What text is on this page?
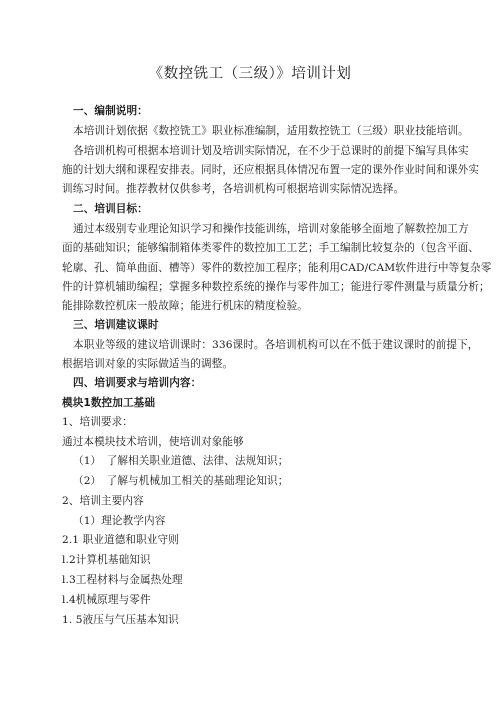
《数控铣工（三级）》培训计划
一、编制说明：
本培训计划依据《数控铣工》职业标准编制，适用数控铣工（三级）职业技能培训。
各培训机构可根据本培训计划及培训实际情况，在不少于总课时的前提下编写具体实
施的计划大纲和课程安排表。同时，还应根据具体情况布置一定的课外作业时间和课外实
训练习时间。推荐教材仅供参考，各培训机构可根据培训实际情况选择。
二、培训目标：
通过本级别专业理论知识学习和操作技能训练，培训对象能够全面地了解数控加工方
面的基础知识；能够编制箱体类零件的数控加工工艺；手工编制比较复杂的（包含平面、
轮廓、孔、简单曲面、槽等）零件的数控加工程序；能利用CAD/CAM软件进行中等复杂零
件的计算机辅助编程；掌握多种数控系统的操作与零件加工；能进行零件测量与质量分析；
能排除数控机床一般故障；能进行机床的精度检验。
三、培训建议课时
本职业等级的建议培训课时：336课时。各培训机构可以在不低于建议课时的前提下，
根据培训对象的实际做适当的调整。
四、培训要求与培训内容：
模块1数控加工基础
1、培训要求：
通过本模块技术培训，使培训对象能够
（1）　了解相关职业道德、法律、法规知识；
（2）　了解与机械加工相关的基础理论知识；
2、培训主要内容
（1）理论教学内容
2.1 职业道德和职业守则
l.2计算机基础知识
l.3工程材料与金属热处理
l.4机械原理与零件
1. 5液压与气压基本知识
